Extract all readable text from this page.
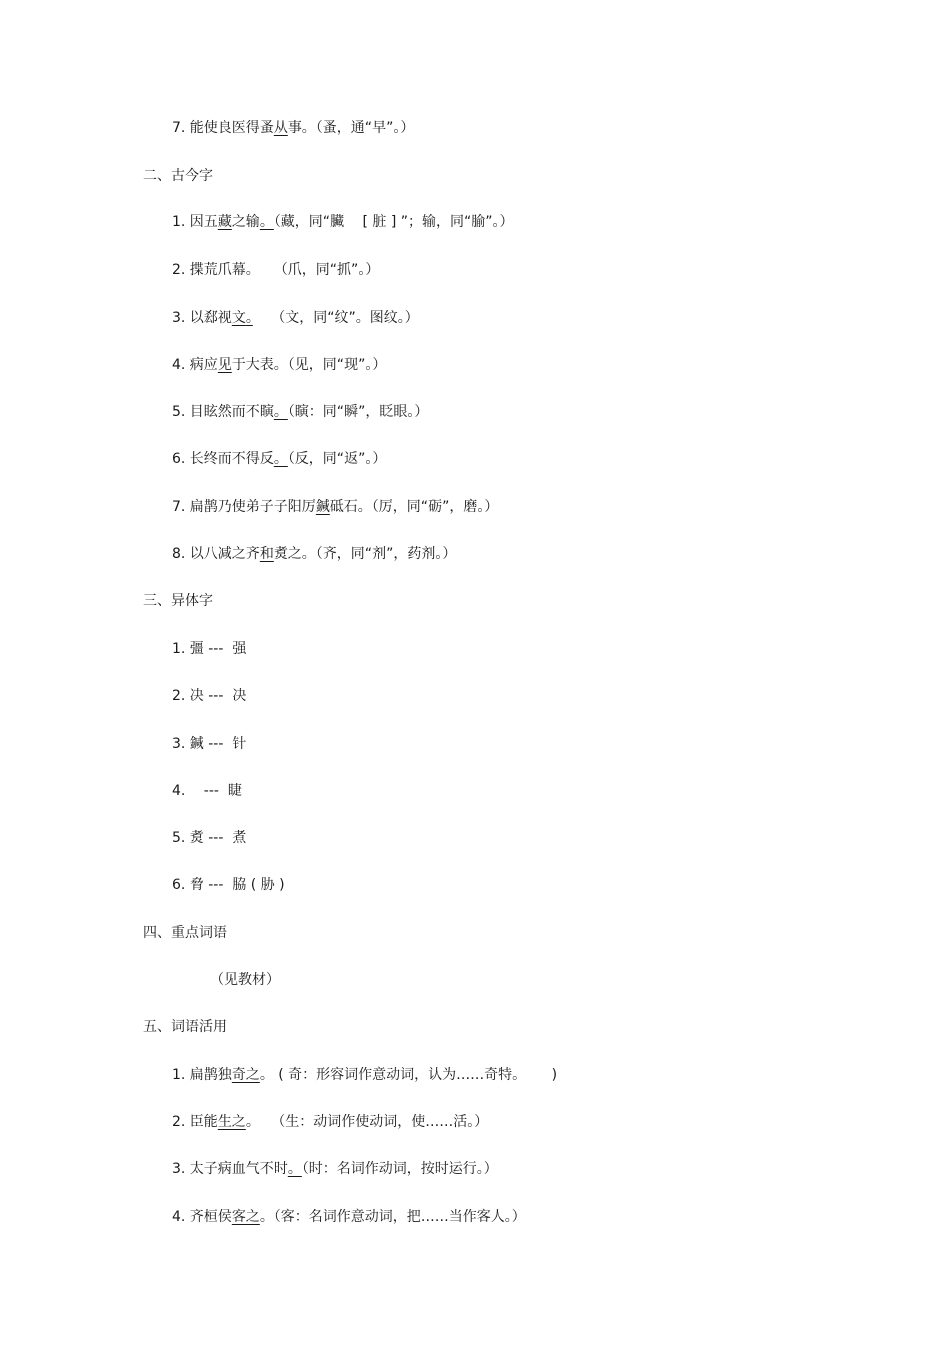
7. 能使良医得蚤从事。（蚤，通“早”。）
二、古今字
1. 因五藏之输。（藏，同“臟　 [ 脏 ] ”；输，同“腧”。）
2. 揲荒爪幕。　　（爪，同“抓”。）
3. 以郄视文。　 （文，同“纹”。图纹。）
4. 病应见于大表。（见，同“现”。）
5. 目眩然而不瞚。（瞚：同“瞬”，眨眼。）
6. 长终而不得反。（反，同“返”。）
7. 扁鹊乃使弟子子阳厉鍼砥石。（厉，同“砺”，磨。）
8. 以八减之齐和煑之。（齐，同“剂”，药剂。）
三、异体字
1. 彊 ---  强
2. 决 ---  决
3. 鍼 ---  针
4.　 ---  睫
5. 煑 ---  煮
6. 脅 ---  脇 ( 胁 )
四、重点词语
（见教材）
五、词语活用
1. 扁鹊独奇之。 ( 奇：形容词作意动词，认为……奇特。　　 )
2. 臣能生之。　 （生：动词作使动词，使……活。）
3. 太子病血气不时。（时：名词作动词，按时运行。）
4. 齐桓侯客之。（客：名词作意动词，把……当作客人。）
